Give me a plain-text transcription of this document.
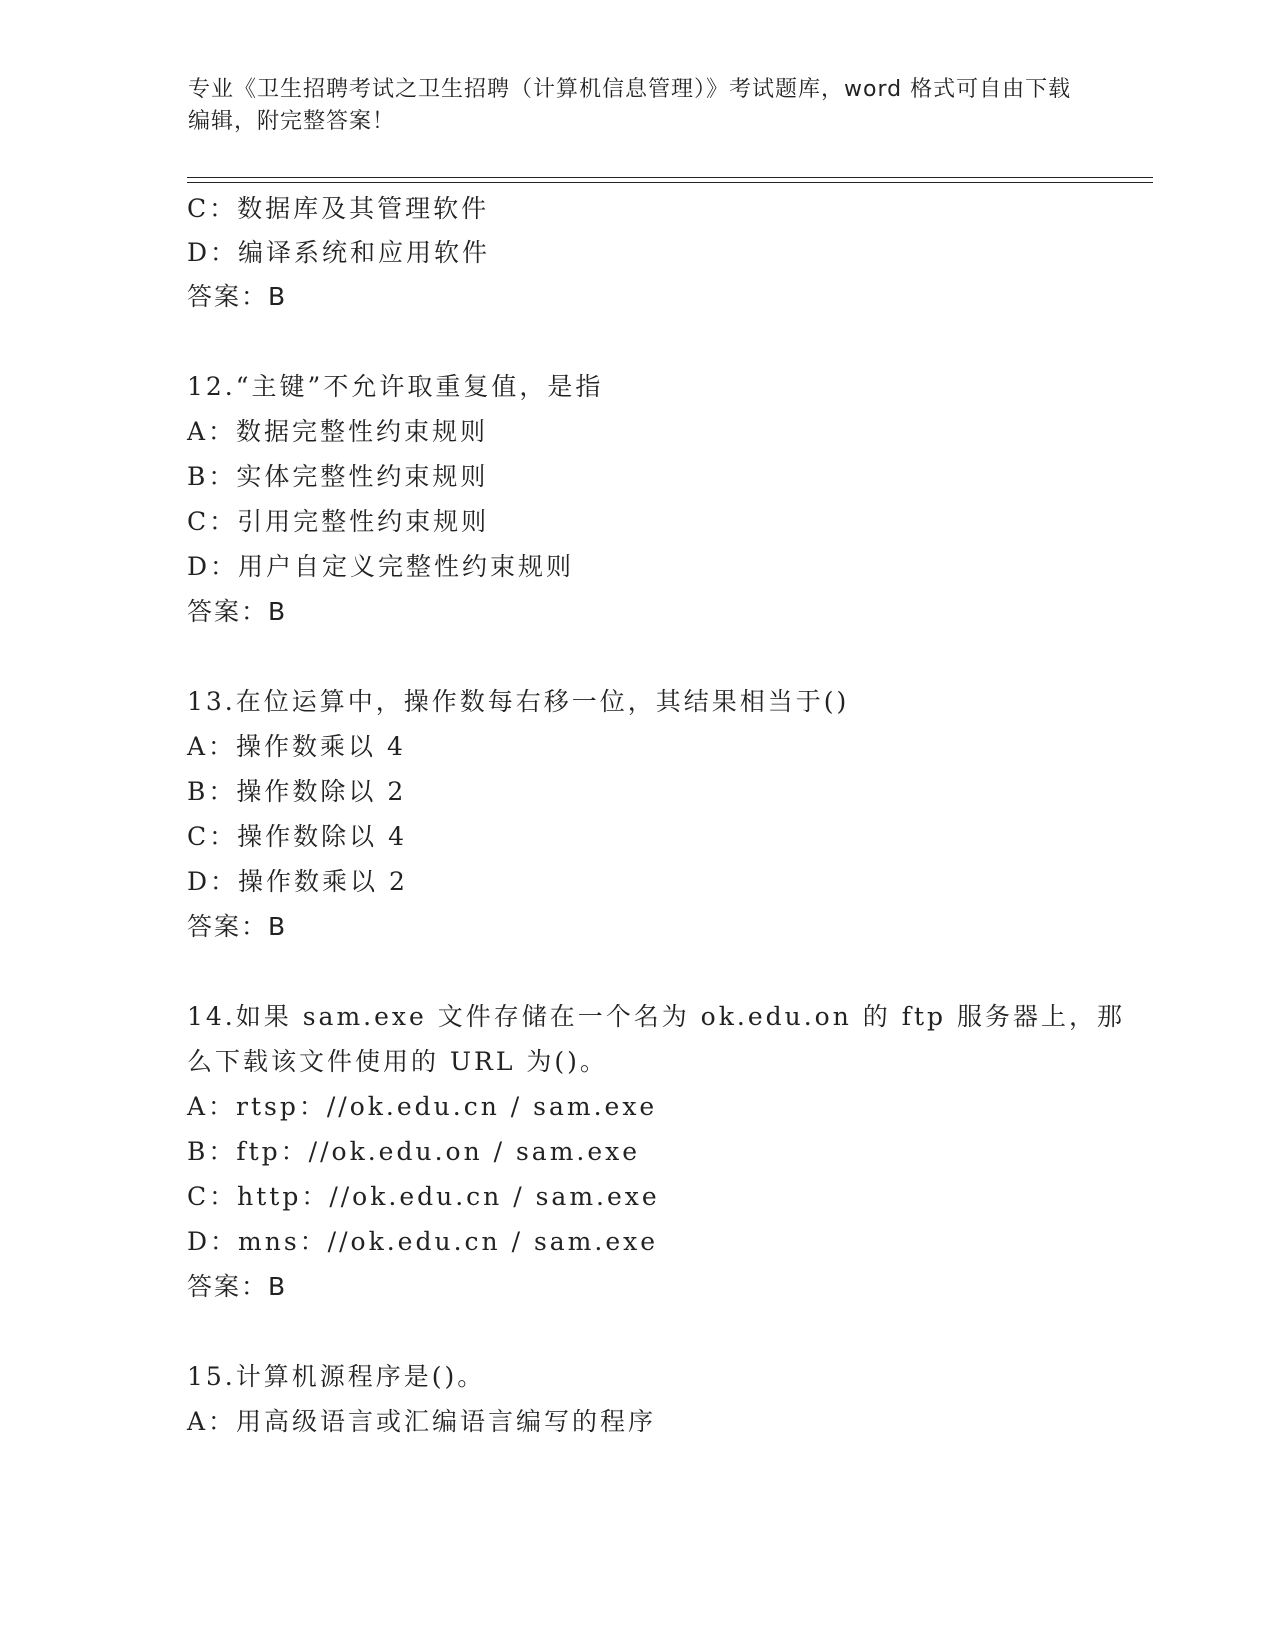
专业《卫生招聘考试之卫生招聘（计算机信息管理）》考试题库，word 格式可自由下载编辑，附完整答案！
C：数据库及其管理软件
D：编译系统和应用软件
答案：B
12.“主键”不允许取重复值，是指
A：数据完整性约束规则
B：实体完整性约束规则
C：引用完整性约束规则
D：用户自定义完整性约束规则
答案：B
13.在位运算中，操作数每右移一位，其结果相当于()
A：操作数乘以 4
B：操作数除以 2
C：操作数除以 4
D：操作数乘以 2
答案：B
14.如果 sam.exe 文件存储在一个名为 ok.edu.on 的 ftp 服务器上，那
么下载该文件使用的 URL 为()。
A：rtsp：//ok.edu.cn / sam.exe
B：ftp：//ok.edu.on / sam.exe
C：http：//ok.edu.cn / sam.exe
D：mns：//ok.edu.cn / sam.exe
答案：B
15.计算机源程序是()。
A：用高级语言或汇编语言编写的程序
